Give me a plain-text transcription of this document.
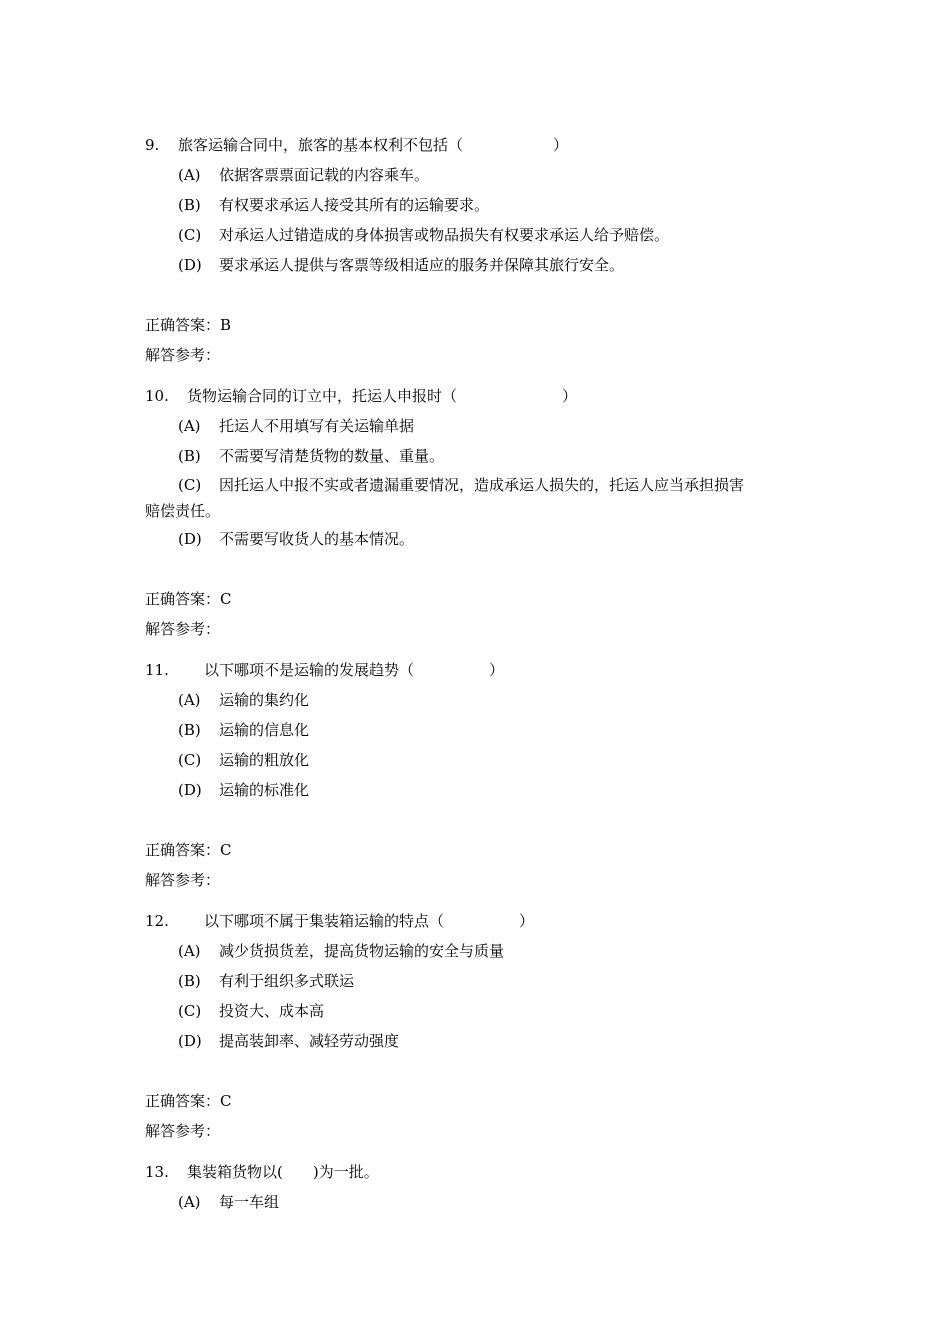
9. 旅客运输合同中，旅客的基本权利不包括（　　　　　　）
(A) 依据客票票面记载的内容乘车。
(B) 有权要求承运人接受其所有的运输要求。
(C) 对承运人过错造成的身体损害或物品损失有权要求承运人给予赔偿。
(D) 要求承运人提供与客票等级相适应的服务并保障其旅行安全。
正确答案：B
解答参考：
10. 货物运输合同的订立中，托运人申报时（　　　　　　　）
(A) 托运人不用填写有关运输单据
(B) 不需要写清楚货物的数量、重量。
(C) 因托运人中报不实或者遗漏重要情况，造成承运人损失的，托运人应当承担损害
赔偿责任。
(D) 不需要写收货人的基本情况。
正确答案：C
解答参考：
11. 以下哪项不是运输的发展趋势（　　　　　）
(A) 运输的集约化
(B) 运输的信息化
(C) 运输的粗放化
(D) 运输的标准化
正确答案：C
解答参考：
12. 以下哪项不属于集装箱运输的特点（　　　　　）
(A) 减少货损货差，提高货物运输的安全与质量
(B) 有利于组织多式联运
(C) 投资大、成本高
(D) 提高装卸率、减轻劳动强度
正确答案：C
解答参考：
13. 集装箱货物以(　　)为一批。
(A) 每一车组
